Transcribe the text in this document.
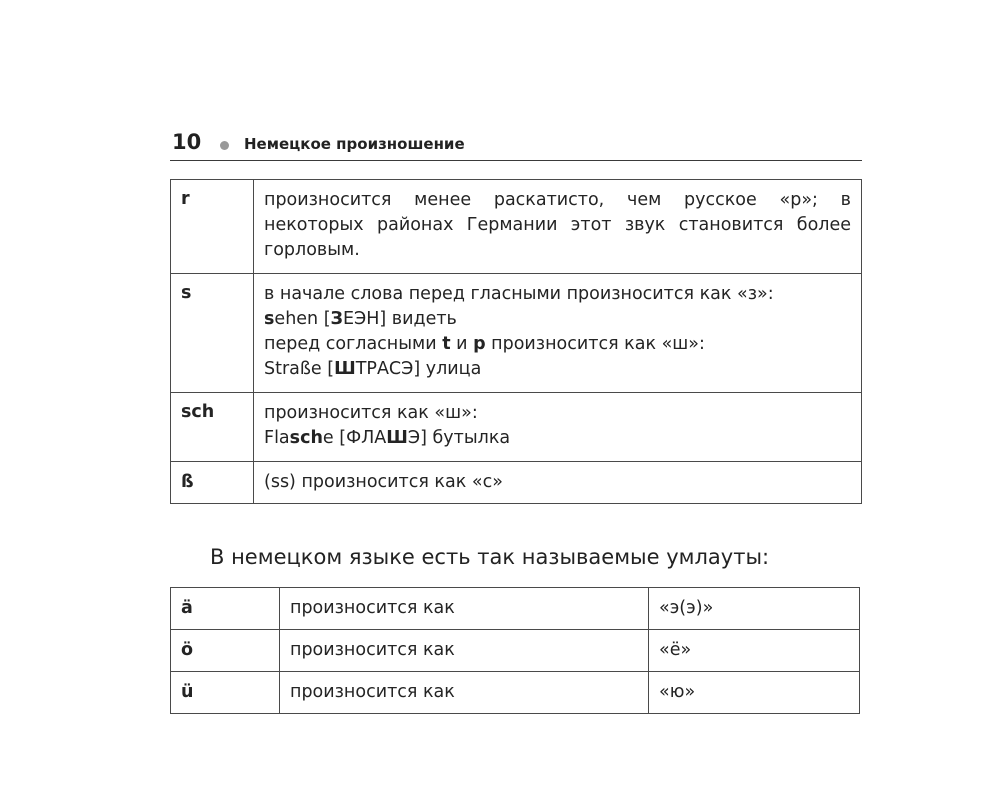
10	Немецкое произношение
r	произносится менее раскатисто, чем русское «р»; в некоторых районах Германии этот звук становится более горловым.
s	в начале слова перед гласными произносится как «з»:
sehen [ЗЕЭН] видеть
перед согласными t и p произносится как «ш»:
Straße [ШТРАСЭ] улица

sch	произносится как «ш»:
Flasche [ФЛАШЭ] бутылка

ß	(ss) произносится как «с»
В немецком языке есть так называемые умлауты:
ä	произносится как	«э(э)»
ö	произносится как	«ё»
ü	произносится как	«ю»
